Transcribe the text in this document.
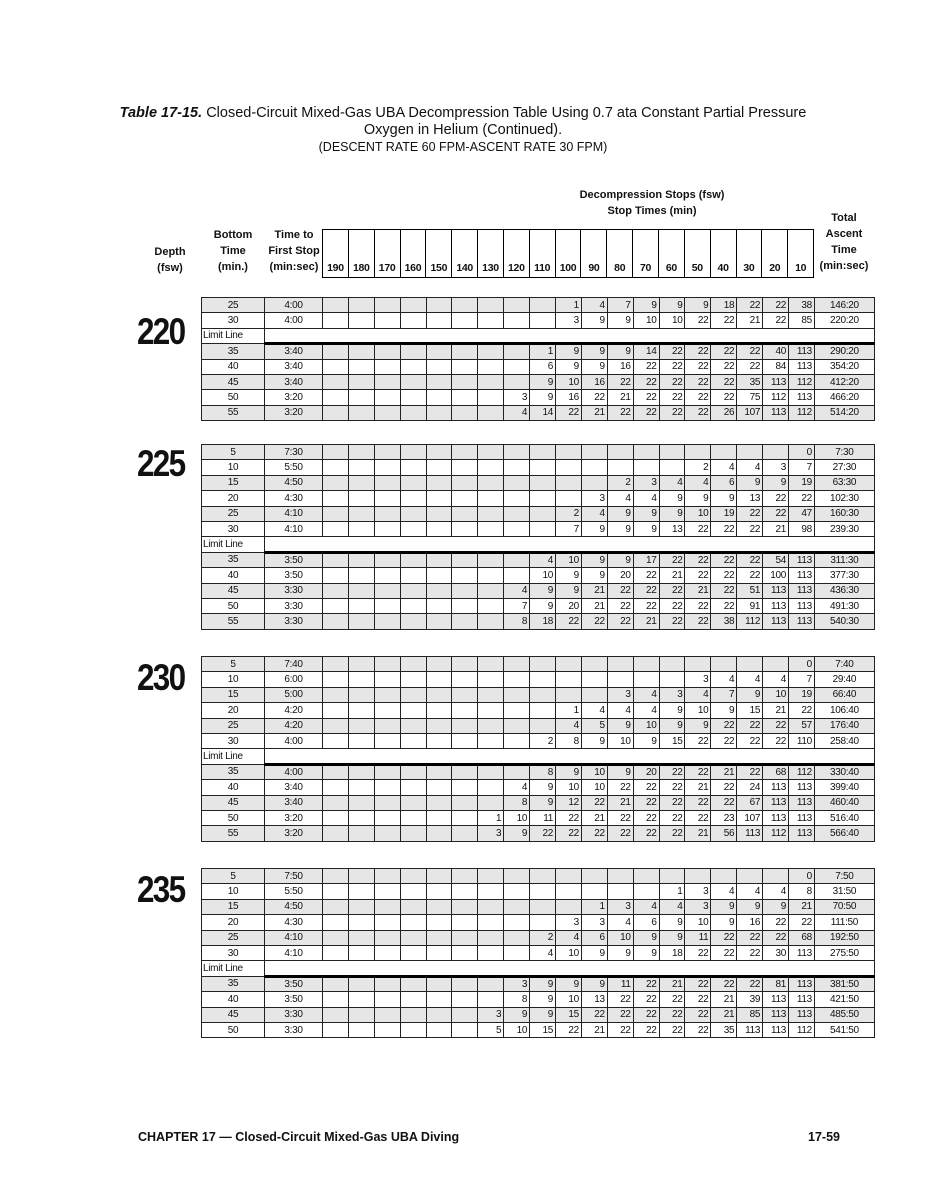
Table 17-15. Closed-Circuit Mixed-Gas UBA Decompression Table Using 0.7 ata Constant Partial Pressure
Oxygen in Helium (Continued).
(DESCENT RATE 60 FPM-ASCENT RATE 30 FPM)
Depth
(fsw)
Bottom
Time
(min.)
Time to
First Stop
(min:sec)
Decompression Stops (fsw)
Stop Times (min)
Total
Ascent
Time
(min:sec)
190 180 170 160 150 140 130 120 110 100	90	80	70	60	50	40	30	20	10
220
25	4:00										1	4	7	9	9	9	18	22	22	38	146:20
30	4:00										3	9	9	10	10	22	22	21	22	85	220:20
Limit Line																					
35	3:40									1	9	9	9	14	22	22	22	22	40	113	290:20
40	3:40									6	9	9	16	22	22	22	22	22	84	113	354:20
45	3:40									9	10	16	22	22	22	22	22	35	113	112	412:20
50	3:20								3	9	16	22	21	22	22	22	22	75	112	113	466:20
55	3:20								4	14	22	21	22	22	22	22	26	107	113	112	514:20
225	5	7:30																			0	7:30
10	5:50															2	4	4	3	7	27:30
15	4:50												2	3	4	4	6	9	9	19	63:30
20	4:30											3	4	4	9	9	9	13	22	22	102:30
25	4:10										2	4	9	9	9	10	19	22	22	47	160:30
30	4:10										7	9	9	9	13	22	22	22	21	98	239:30
Limit Line																					
35	3:50									4	10	9	9	17	22	22	22	22	54	113	311:30
40	3:50									10	9	9	20	22	21	22	22	22	100	113	377:30
45	3:30								4	9	9	21	22	22	22	21	22	51	113	113	436:30
50	3:30								7	9	20	21	22	22	22	22	22	91	113	113	491:30
55	3:30								8	18	22	22	22	21	22	22	38	112	113	113	540:30
230	5	7:40																			0	7:40
10	6:00															3	4	4	4	7	29:40
15	5:00												3	4	3	4	7	9	10	19	66:40
20	4:20										1	4	4	4	9	10	9	15	21	22	106:40
25	4:20										4	5	9	10	9	9	22	22	22	57	176:40
30	4:00									2	8	9	10	9	15	22	22	22	22	110	258:40
Limit Line																					
35	4:00									8	9	10	9	20	22	22	21	22	68	112	330:40
40	3:40								4	9	10	10	22	22	22	21	22	24	113	113	399:40
45	3:40								8	9	12	22	21	22	22	22	22	67	113	113	460:40
50	3:20							1	10	11	22	21	22	22	22	22	23	107	113	113	516:40
55	3:20							3	9	22	22	22	22	22	22	21	56	113	112	113	566:40
235	5	7:50																			0	7:50
10	5:50														1	3	4	4	4	8	31:50
15	4:50											1	3	4	4	3	9	9	9	21	70:50
20	4:30										3	3	4	6	9	10	9	16	22	22	111:50
25	4:10									2	4	6	10	9	9	11	22	22	22	68	192:50
30	4:10									4	10	9	9	9	18	22	22	22	30	113	275:50
Limit Line																					
35	3:50								3	9	9	9	11	22	21	22	22	22	81	113	381:50
40	3:50								8	9	10	13	22	22	22	22	21	39	113	113	421:50
45	3:30							3	9	9	15	22	22	22	22	22	21	85	113	113	485:50
50	3:30							5	10	15	22	21	22	22	22	22	35	113	113	112	541:50
CHAPTER 17 — Closed-Circuit Mixed-Gas UBA Diving	17-59
